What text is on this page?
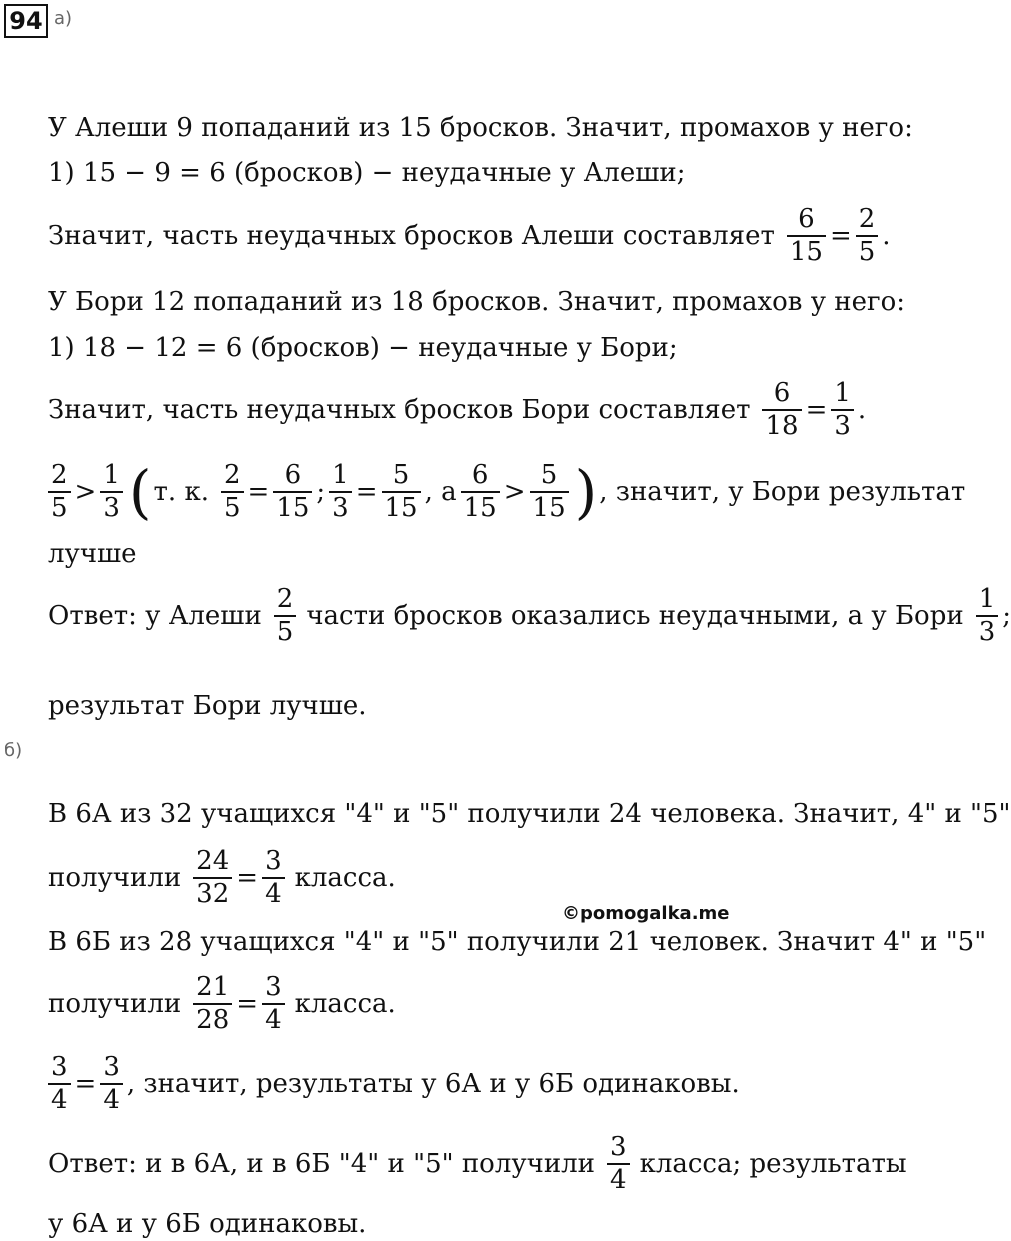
94 а)
У Алеши 9 попаданий из 15 бросков. Значит, промахов у него:
1) 15 − 9 = 6 (бросков) − неудачные у Алеши;
Значит, часть неудачных бросков Алеши составляет $\frac{6}{15} = \frac{2}{5}$ .
У Бори 12 попаданий из 18 бросков. Значит, промахов у него:
1) 18 − 12 = 6 (бросков) − неудачные у Бори;
Значит, часть неудачных бросков Бори составляет $\frac{6}{18} = \frac{1}{3}$ .
$\frac{2}{5} > \frac{1}{3}$ ( т. к. $\frac{2}{5} = \frac{6}{15}$ ; $\frac{1}{3} = \frac{5}{15}$ , а $\frac{6}{15} > \frac{5}{15}$ ) , значит, у Бори результат
лучше
Ответ: у Алеши $\frac{2}{5}$ части бросков оказались неудачными, а у Бори $\frac{1}{3}$ ;
результат Бори лучше.
б)
В 6А из 32 учащихся "4" и "5" получили 24 человека. Значит, 4" и "5"
получили $\frac{24}{32} = \frac{3}{4}$ класса.
©pomogalka.me
В 6Б из 28 учащихся "4" и "5" получили 21 человек. Значит 4" и "5"
получили $\frac{21}{28} = \frac{3}{4}$ класса.
$\frac{3}{4} = \frac{3}{4}$ , значит, результаты у 6А и у 6Б одинаковы.
Ответ: и в 6А, и в 6Б "4" и "5" получили $\frac{3}{4}$ класса; результаты
у 6А и у 6Б одинаковы.
